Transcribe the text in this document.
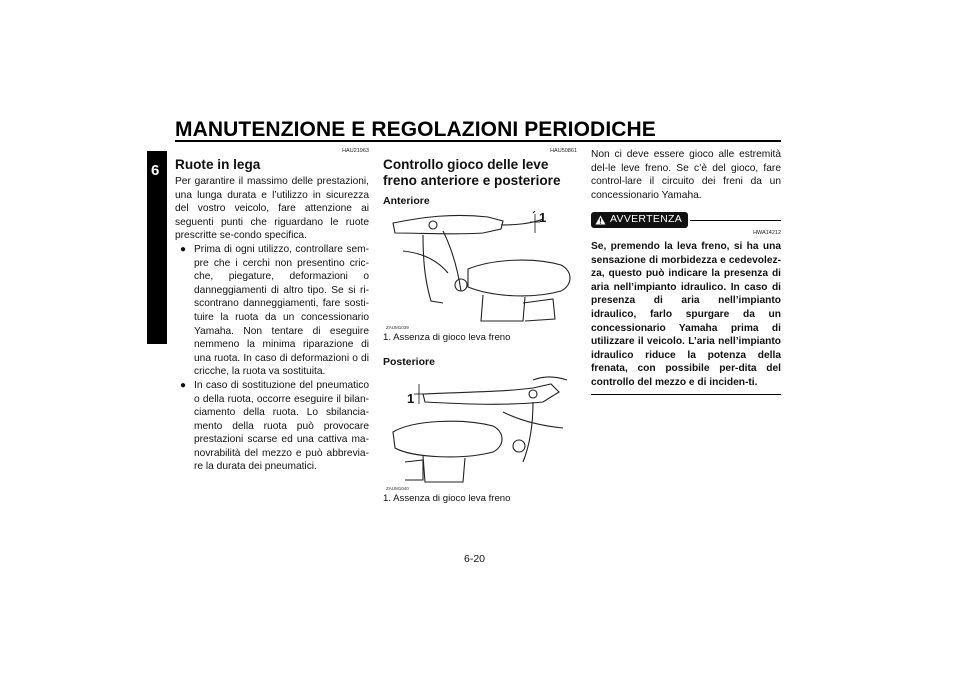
MANUTENZIONE E REGOLAZIONI PERIODICHE
6
HAU21963
Ruote in lega

Per garantire il massimo delle prestazioni, una lunga durata e l’utilizzo in sicurezza del vostro veicolo, fare attenzione ai seguenti punti che riguardano le ruote prescritte se-condo specifica.

● Prima di ogni utilizzo, controllare sem-pre che i cerchi non presentino cric-che, piegature, deformazioni o danneggiamenti di altro tipo. Se si ri-scontrano danneggiamenti, fare sosti-tuire la ruota da un concessionario Yamaha. Non tentare di eseguire nemmeno la minima riparazione di una ruota. In caso di deformazioni o di cricche, la ruota va sostituita.
● In caso di sostituzione del pneumatico o della ruota, occorre eseguire il bilan-ciamento della ruota. Lo sbilancia-mento della ruota può provocare prestazioni scarse ed una cattiva ma-novrabilità del mezzo e può abbrevia-re la durata dei pneumatici.
HAU50861
Controllo gioco delle leve freno anteriore e posteriore
Anteriore
1
ZAUM1039
1. Assenza di gioco leva freno
Posteriore
1
ZAUM1040
1. Assenza di gioco leva freno

Non ci deve essere gioco alle estremità del-le leve freno. Se c’è del gioco, fare control-lare il circuito dei freni da un concessionario Yamaha.

AVVERTENZA
HWA14212
Se, premendo la leva freno, si ha una sensazione di morbidezza e cedevolez-za, questo può indicare la presenza di aria nell’impianto idraulico. In caso di presenza di aria nell’impianto idraulico, farlo spurgare da un concessionario Yamaha prima di utilizzare il veicolo. L’aria nell’impianto idraulico riduce la potenza della frenata, con possibile per-dita del controllo del mezzo e di inciden-ti.
6-20
